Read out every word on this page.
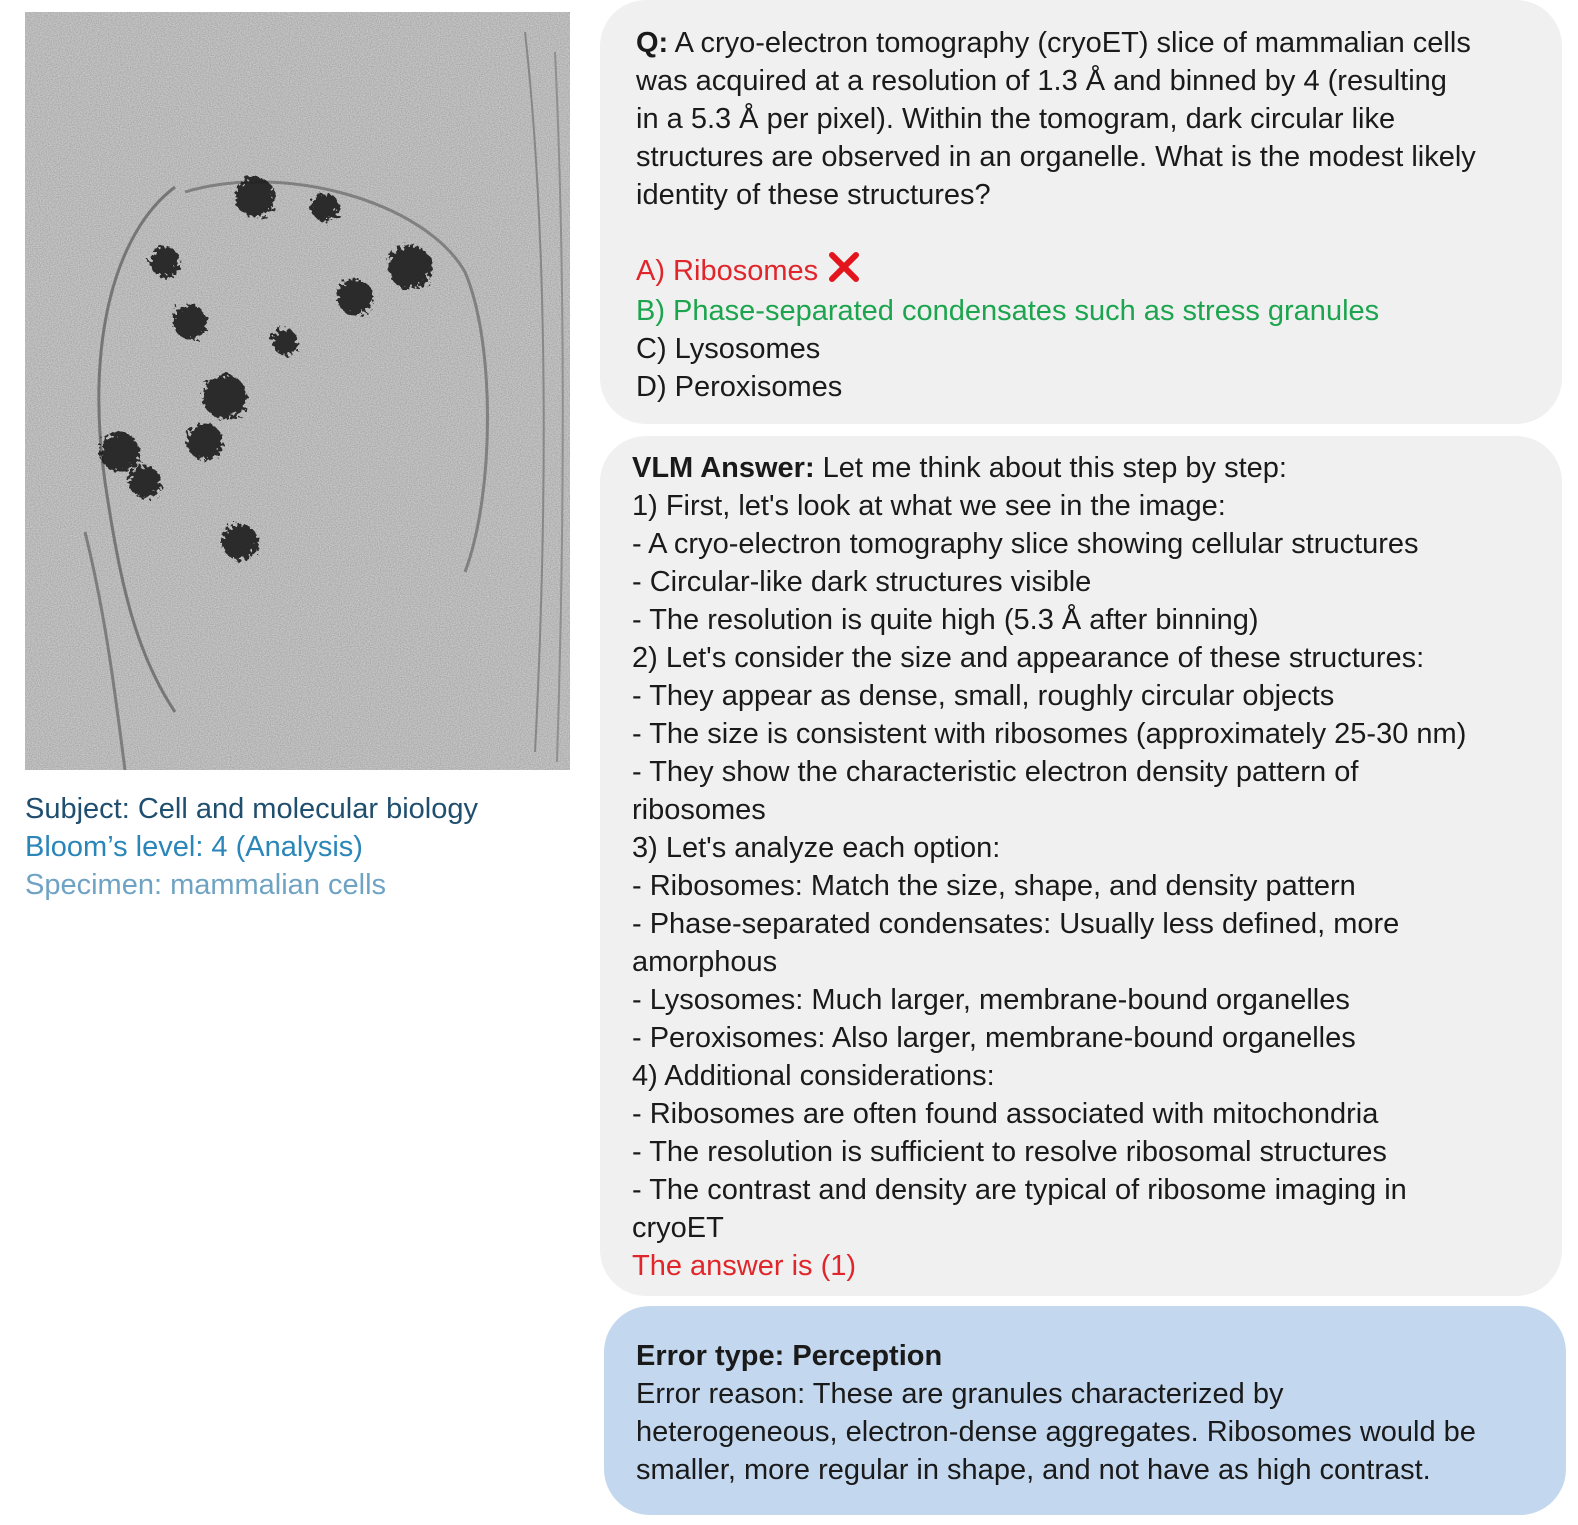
Subject: Cell and molecular biology
Bloom’s level: 4 (Analysis)
Specimen: mammalian cells
Q: A cryo-electron tomography (cryoET) slice of mammalian cells
was acquired at a resolution of 1.3 Å and binned by 4 (resulting
in a 5.3 Å per pixel). Within the tomogram, dark circular like
structures are observed in an organelle. What is the modest likely
identity of these structures?
A) Ribosomes
B) Phase-separated condensates such as stress granules
C) Lysosomes
D) Peroxisomes
VLM Answer: Let me think about this step by step:
1) First, let's look at what we see in the image:
- A cryo-electron tomography slice showing cellular structures
- Circular-like dark structures visible
- The resolution is quite high (5.3 Å after binning)
2) Let's consider the size and appearance of these structures:
- They appear as dense, small, roughly circular objects
- The size is consistent with ribosomes (approximately 25-30 nm)
- They show the characteristic electron density pattern of
ribosomes
3) Let's analyze each option:
- Ribosomes: Match the size, shape, and density pattern
- Phase-separated condensates: Usually less defined, more
amorphous
- Lysosomes: Much larger, membrane-bound organelles
- Peroxisomes: Also larger, membrane-bound organelles
4) Additional considerations:
- Ribosomes are often found associated with mitochondria
- The resolution is sufficient to resolve ribosomal structures
- The contrast and density are typical of ribosome imaging in
cryoET
The answer is (1)
Error type: Perception
Error reason: These are granules characterized by
heterogeneous, electron-dense aggregates. Ribosomes would be
smaller, more regular in shape, and not have as high contrast.
